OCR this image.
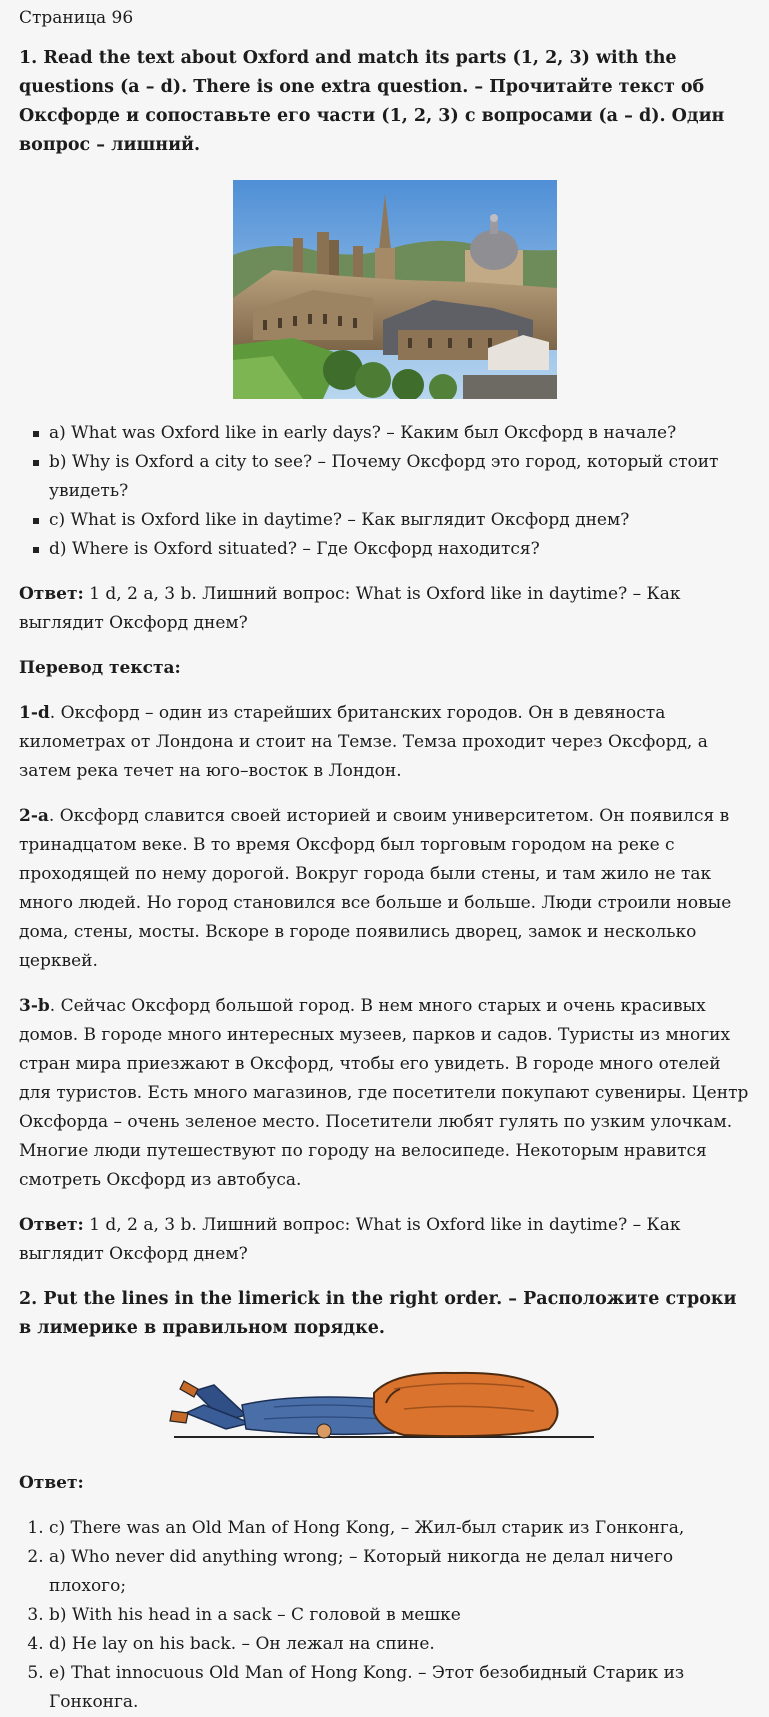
Страница 96
1. Read the text about Oxford and match its parts (1, 2, 3) with the questions (a – d). There is one extra question. – Прочитайте текст об Оксфорде и сопоставьте его части (1, 2, 3) с вопросами (a – d). Один вопрос – лишний.
a) What was Oxford like in early days? – Каким был Оксфорд в начале?
b) Why is Oxford a city to see? – Почему Оксфорд это город, который стоит увидеть?
c) What is Oxford like in daytime? – Как выглядит Оксфорд днем?
d) Where is Oxford situated? – Где Оксфорд находится?

Ответ: 1 d, 2 a, 3 b. Лишний вопрос: What is Oxford like in daytime? – Как выглядит Оксфорд днем?

Перевод текста:

1-d. Оксфорд – один из старейших британских городов. Он в девяноста километрах от Лондона и стоит на Темзе. Темза проходит через Оксфорд, а затем река течет на юго–восток в Лондон.

2-a. Оксфорд славится своей историей и своим университетом. Он появился в тринадцатом веке. В то время Оксфорд был торговым городом на реке с проходящей по нему дорогой. Вокруг города были стены, и там жило не так много людей. Но город становился все больше и больше. Люди строили новые дома, стены, мосты. Вскоре в городе появились дворец, замок и несколько церквей.

3-b. Сейчас Оксфорд большой город. В нем много старых и очень красивых домов. В городе много интересных музеев, парков и садов. Туристы из многих стран мира приезжают в Оксфорд, чтобы его увидеть. В городе много отелей для туристов. Есть много магазинов, где посетители покупают сувениры. Центр Оксфорда – очень зеленое место. Посетители любят гулять по узким улочкам. Многие люди путешествуют по городу на велосипеде. Некоторым нравится смотреть Оксфорд из автобуса.

Ответ: 1 d, 2 a, 3 b. Лишний вопрос: What is Oxford like in daytime? – Как выглядит Оксфорд днем?

2. Put the lines in the limerick in the right order. – Расположите строки в лимерике в правильном порядке.

Ответ:

1. c) There was an Old Man of Hong Kong, – Жил-был старик из Гонконга,
2. a) Who never did anything wrong; – Который никогда не делал ничего плохого;
3. b) With his head in a sack – С головой в мешке
4. d) He lay on his back. – Он лежал на спине.
5. e) That innocuous Old Man of Hong Kong. – Этот безобидный Старик из Гонконга.
